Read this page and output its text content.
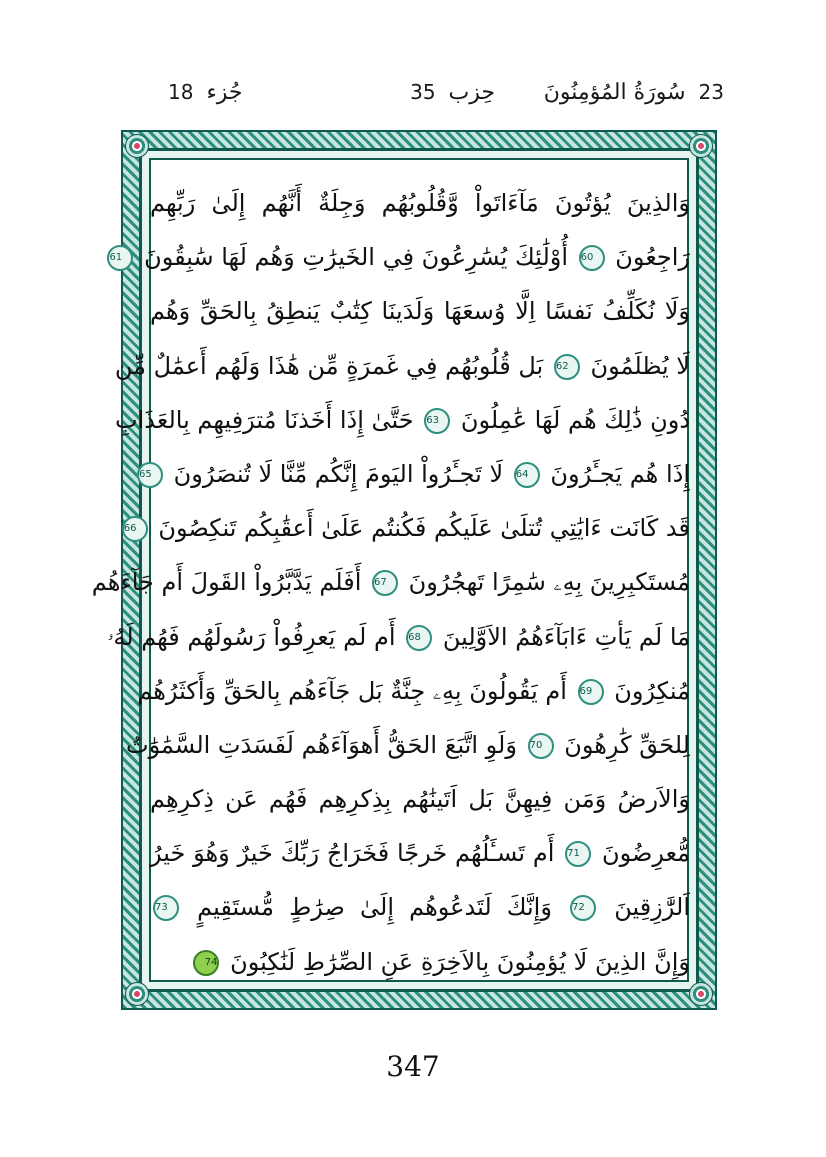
23 سُورَةُ المُؤمِنُونَ
حِزب 35
جُزء 18
وَالذِينَ يُؤتُونَ مَآءَاتَواْ وَّقُلُوبُهُم وَجِلَةٌ أَنَّهُم إِلَىٰ رَبِّهِم
رَاجِعُونَ 60 أُوْلَٰئِكَ يُسَٰرِعُونَ فِي الخَيرَٰتِ وَهُم لَهَا سَٰبِقُونَ 61
وَلَا نُكَلِّفُ نَفسًا اِلَّا وُسعَهَا وَلَدَينَا كِتَٰبٌ يَنطِقُ بِالحَقِّ وَهُم
لَا يُظلَمُونَ 62 بَل قُلُوبُهُم فِي غَمرَةٍ مِّن هَٰذَا وَلَهُم أَعمَٰلٌ مِّن
دُونِ ذَٰلِكَ هُم لَهَا عَٰمِلُونَ 63 حَتَّىٰ إِذَا أَخَذنَا مُترَفِيهِم بِالعَذَابِ
إِذَا هُم يَجـَٔرُونَ 64 لَا تَجـَٔرُواْ اليَومَ إِنَّكُم مِّنَّا لَا تُنصَرُونَ 65
قَد كَانَت ءَايَٰتِي تُتلَىٰ عَلَيكُم فَكُنتُم عَلَىٰ أَعقَٰبِكُم تَنكِصُونَ 66
مُستَكبِرِينَ بِهِۦ سَٰمِرًا تَهجُرُونَ 67 أَفَلَم يَدَّبَّرُواْ القَولَ أَم جَآءَهُم
مَا لَم يَأتِ ءَابَآءَهُمُ الاَوَّلِينَ 68 أَم لَم يَعرِفُواْ رَسُولَهُم فَهُم لَهُۥ
مُنكِرُونَ 69 أَم يَقُولُونَ بِهِۦ جِنَّةٌ بَل جَآءَهُم بِالحَقِّ وَأَكثَرُهُم
لِلحَقِّ كَٰرِهُونَ 70 وَلَوِ اتَّبَعَ الحَقُّ أَهوَآءَهُم لَفَسَدَتِ السَّمَٰوَٰتُ
وَالاَرضُ وَمَن فِيهِنَّ بَل اَتَينَٰهُم بِذِكرِهِم فَهُم عَن ذِكرِهِم
مُّعرِضُونَ 71 أَم تَسـَٔلُهُم خَرجًا فَخَرَاجُ رَبِّكَ خَيرٌ وَهُوَ خَيرُ
اَلرَّٰزِقِينَ 72 وَإِنَّكَ لَتَدعُوهُم إِلَىٰ صِرَٰطٍ مُّستَقِيمٍ 73
وَإِنَّ الذِينَ لَا يُؤمِنُونَ بِالاَخِرَةِ عَنِ الصِّرَٰطِ لَنَٰكِبُونَ 74
347
